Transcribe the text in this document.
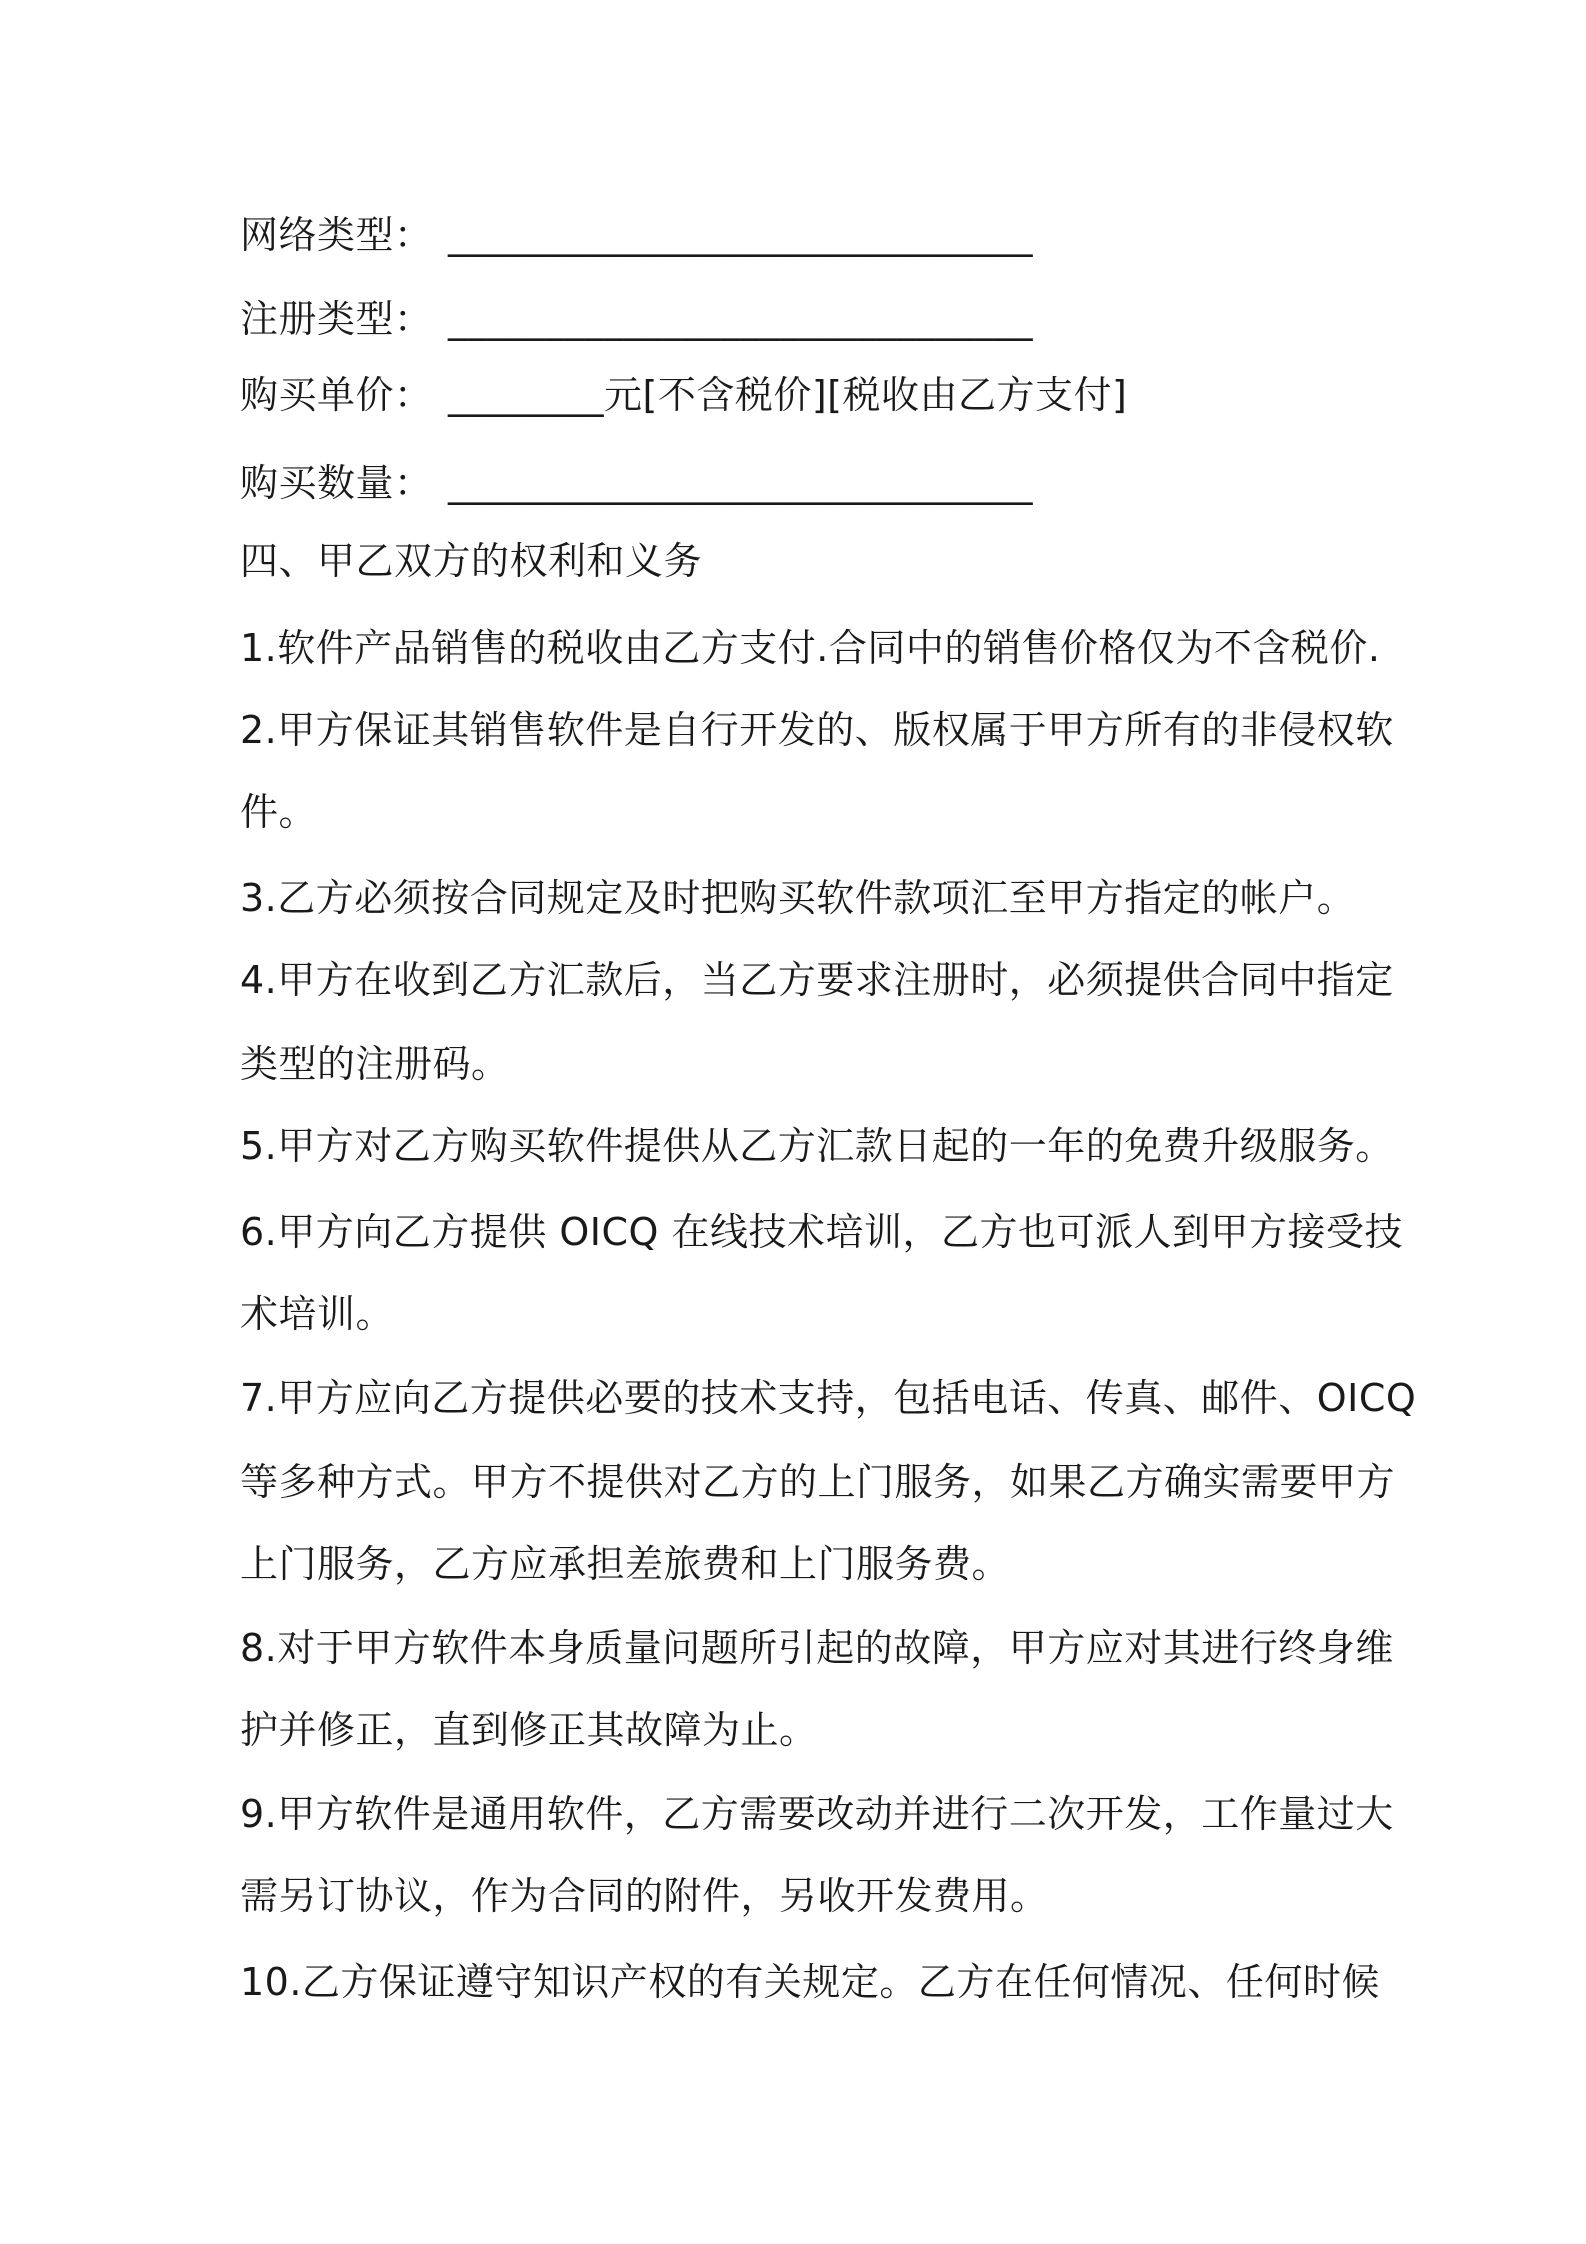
网络类型： ______________________________
注册类型： ______________________________
购买单价： ________元[不含税价][税收由乙方支付]
购买数量： ______________________________
四、甲乙双方的权利和义务
1.软件产品销售的税收由乙方支付.合同中的销售价格仅为不含税价.
2.甲方保证其销售软件是自行开发的、版权属于甲方所有的非侵权软
件。
3.乙方必须按合同规定及时把购买软件款项汇至甲方指定的帐户。
4.甲方在收到乙方汇款后，当乙方要求注册时，必须提供合同中指定
类型的注册码。
5.甲方对乙方购买软件提供从乙方汇款日起的一年的免费升级服务。
6.甲方向乙方提供 OICQ 在线技术培训，乙方也可派人到甲方接受技
术培训。
7.甲方应向乙方提供必要的技术支持，包括电话、传真、邮件、OICQ
等多种方式。甲方不提供对乙方的上门服务，如果乙方确实需要甲方
上门服务，乙方应承担差旅费和上门服务费。
8.对于甲方软件本身质量问题所引起的故障，甲方应对其进行终身维
护并修正，直到修正其故障为止。
9.甲方软件是通用软件，乙方需要改动并进行二次开发，工作量过大
需另订协议，作为合同的附件，另收开发费用。
10.乙方保证遵守知识产权的有关规定。乙方在任何情况、任何时候
